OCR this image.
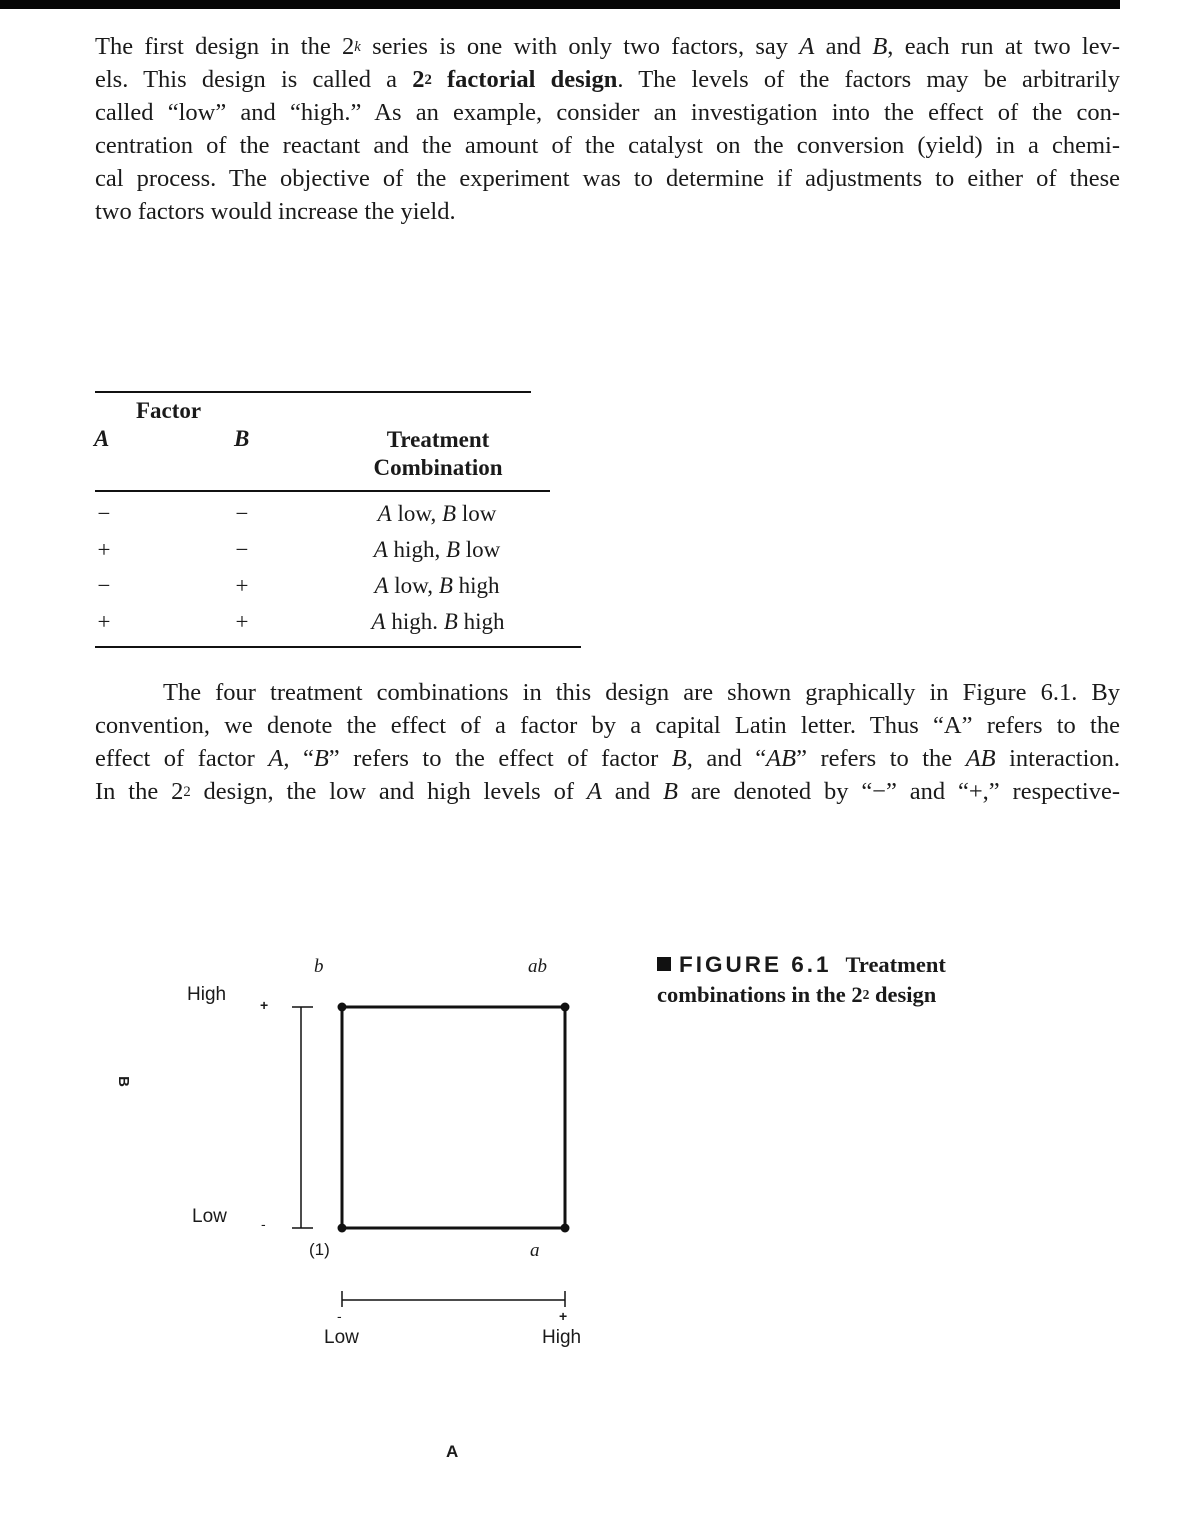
The first design in the 2$^k$ series is one with only two factors, say A and B, each run at two lev-
els. This design is called a $2^2$ factorial design. The levels of the factors may be arbitrarily
called “low” and “high.” As an example, consider an investigation into the effect of the con-
centration of the reactant and the amount of the catalyst on the conversion (yield) in a chemi-
cal process. The objective of the experiment was to determine if adjustments to either of these
two factors would increase the yield.
Factor
A	B	Treatment
Combination
−	−	A low, B low
+	−	A high, B low
−	+	A low, B high
+	+	A high. B high
The four treatment combinations in this design are shown graphically in Figure 6.1. By
convention, we denote the effect of a factor by a capital Latin letter. Thus “A” refers to the
effect of factor A, “B” refers to the effect of factor B, and “AB” refers to the AB interaction.
In the $2^2$ design, the low and high levels of A and B are denoted by “−” and “+,” respective-
b	ab
(1)	a
B
High
Low
+
-
-	+
Low	High
A
FIGURE 6.1 Treatment
combinations in the $2^2$ design
